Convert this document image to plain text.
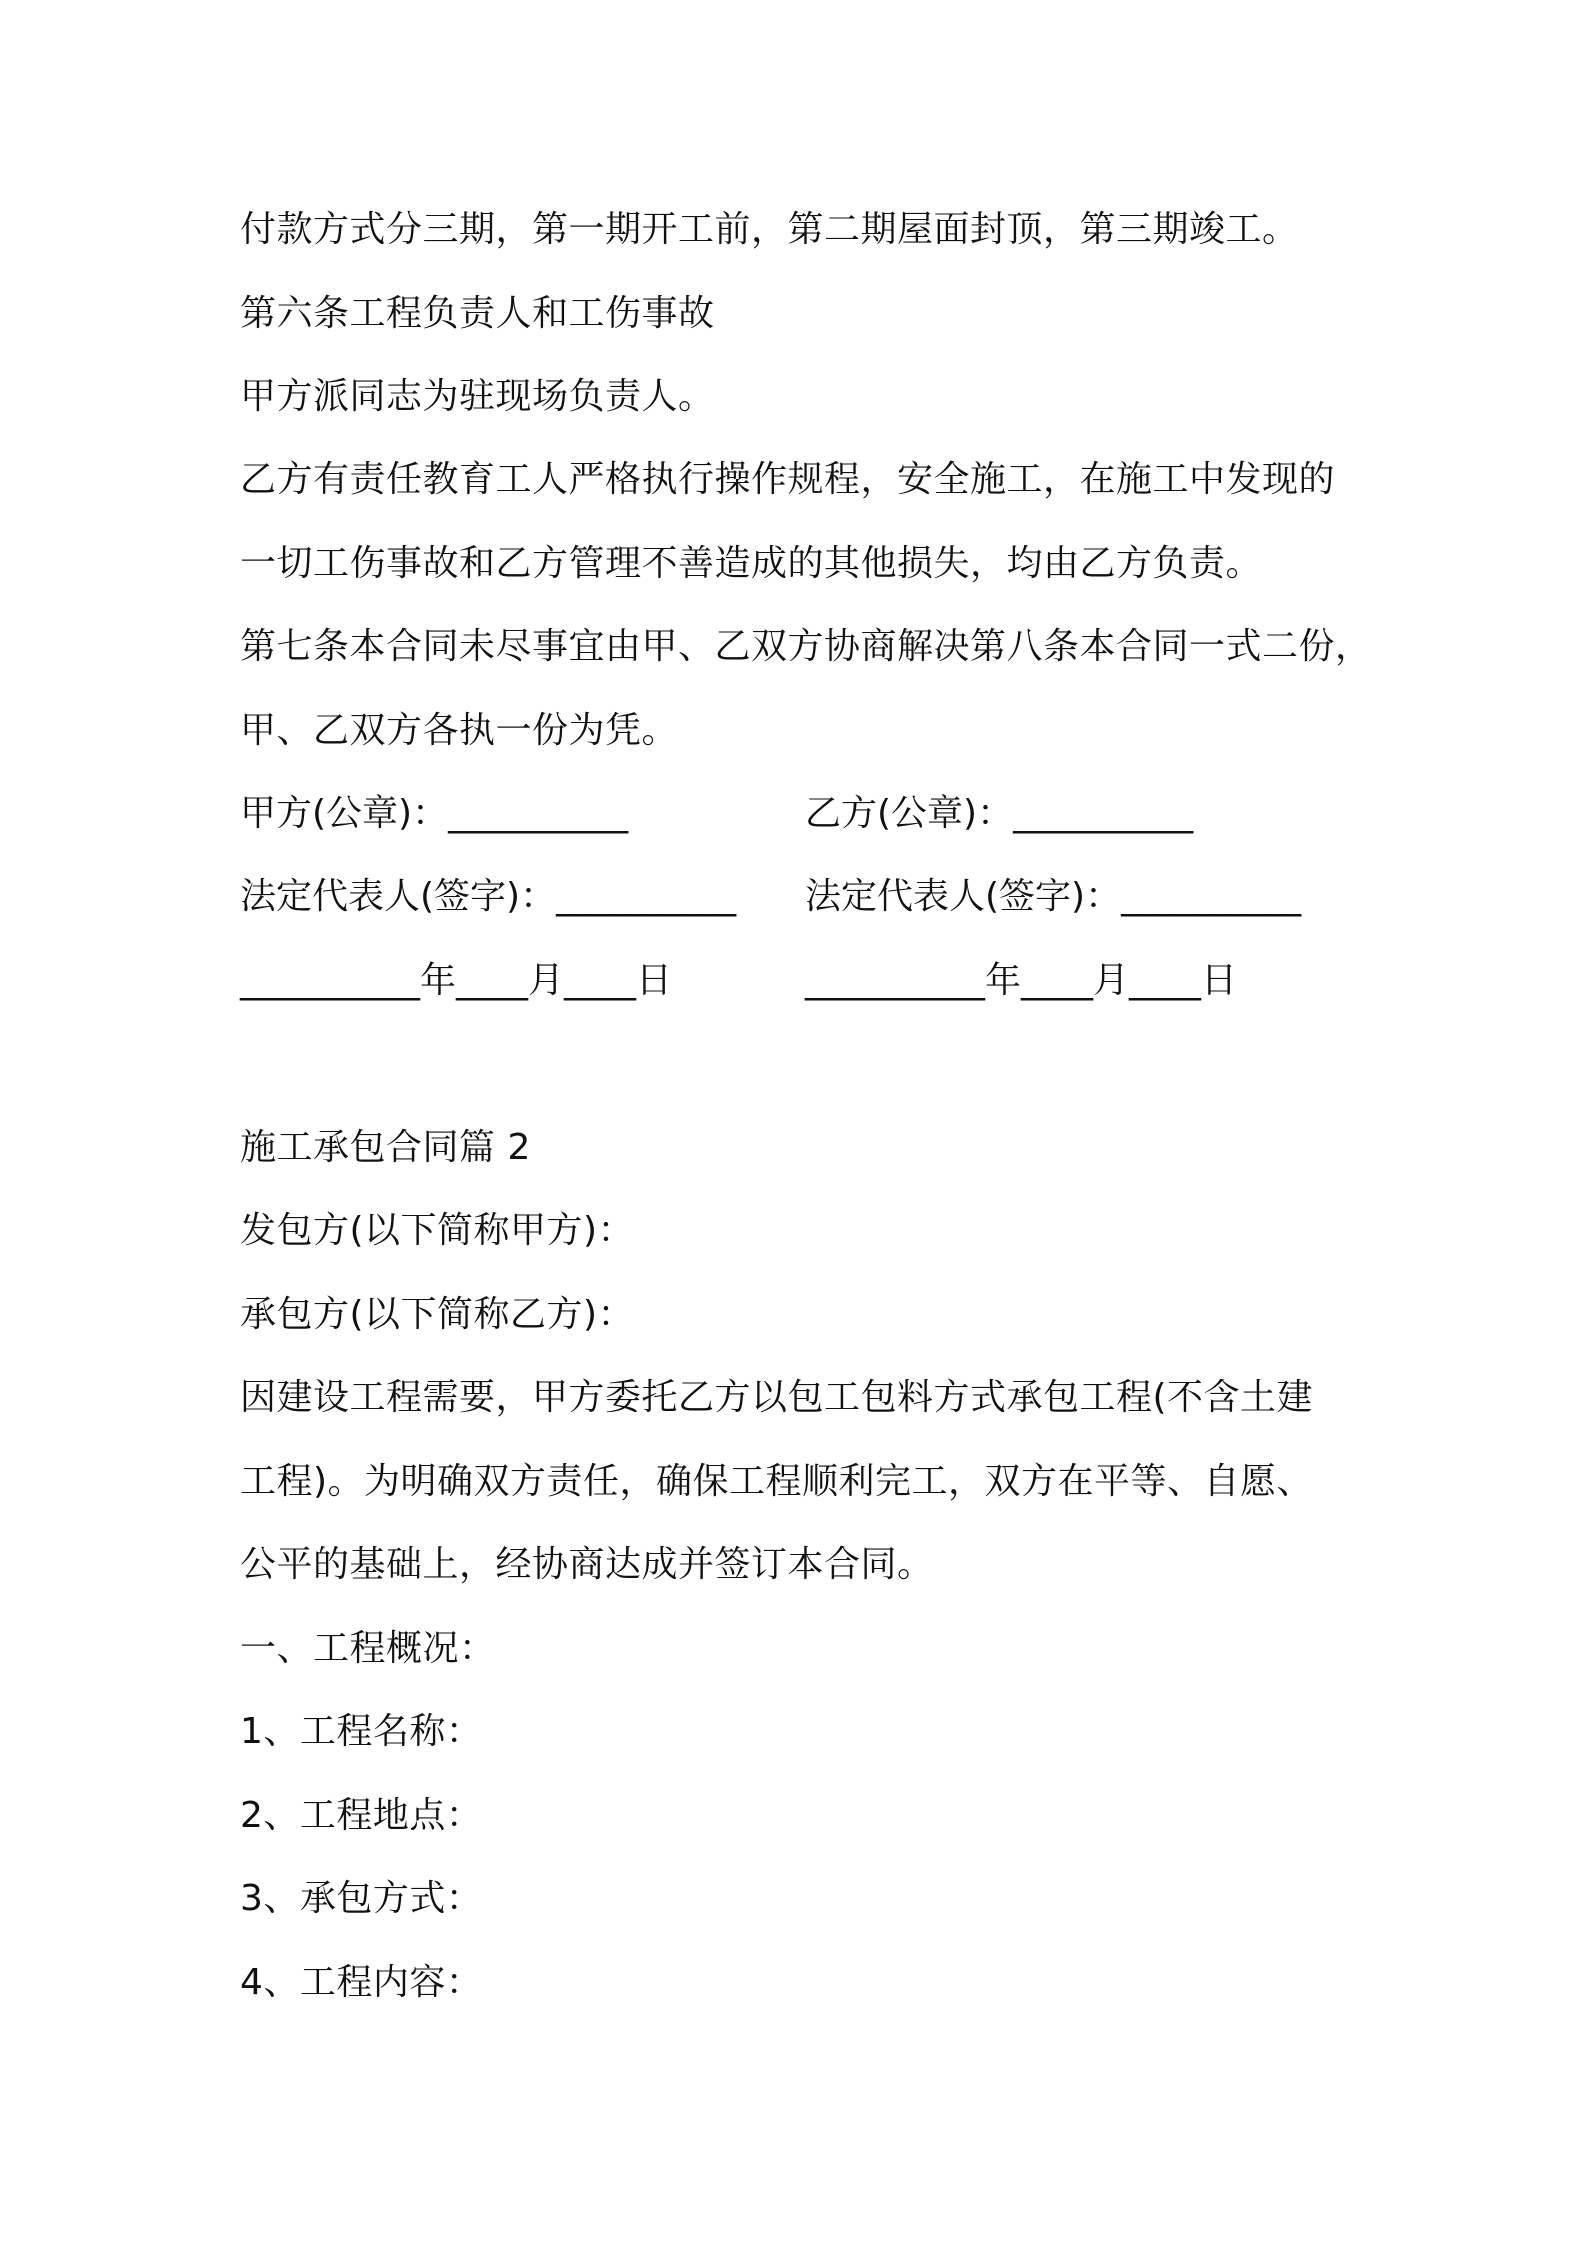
付款方式分三期，第一期开工前，第二期屋面封顶，第三期竣工。
第六条工程负责人和工伤事故
甲方派同志为驻现场负责人。
乙方有责任教育工人严格执行操作规程，安全施工，在施工中发现的
一切工伤事故和乙方管理不善造成的其他损失，均由乙方负责。
第七条本合同未尽事宜由甲、乙双方协商解决第八条本合同一式二份，
甲、乙双方各执一份为凭。
甲方(公章)：__________	乙方(公章)：__________
法定代表人(签字)：__________ 法定代表人(签字)：__________
__________年____月____日	__________年____月____日
施工承包合同篇 2
发包方(以下简称甲方)：
承包方(以下简称乙方)：
因建设工程需要，甲方委托乙方以包工包料方式承包工程(不含土建
工程)。为明确双方责任，确保工程顺利完工，双方在平等、自愿、
公平的基础上，经协商达成并签订本合同。
一、工程概况：
1、工程名称：
2、工程地点：
3、承包方式：
4、工程内容：
